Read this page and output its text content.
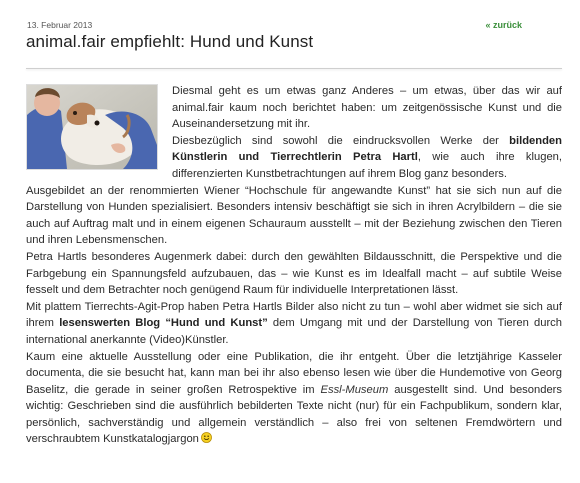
13. Februar 2013	« zurück
animal.fair empfiehlt: Hund und Kunst

Diesmal geht es um etwas ganz Anderes – um etwas, über das wir auf animal.fair kaum noch berichtet haben: um zeitgenössische Kunst und die Auseinandersetzung mit ihr.

Diesbezüglich sind sowohl die eindrucksvollen Werke der bildenden Künstlerin und Tierrechtlerin Petra Hartl, wie auch ihre klugen, differenzierten Kunstbetrachtungen auf ihrem Blog ganz besonders.

Ausgebildet an der renommierten Wiener “Hochschule für angewandte Kunst” hat sie sich nun auf die Darstellung von Hunden spezialisiert. Besonders intensiv beschäftigt sie sich in ihren Acrylbildern – die sie auch auf Auftrag malt und in einem eigenen Schauraum ausstellt – mit der Beziehung zwischen den Tieren und ihren Lebensmenschen.

Petra Hartls besonderes Augenmerk dabei: durch den gewählten Bildausschnitt, die Perspektive und die Farbgebung ein Spannungsfeld aufzubauen, das – wie Kunst es im Idealfall macht – auf subtile Weise fesselt und dem Betrachter noch genügend Raum für individuelle Interpretationen lässt.

Mit plattem Tierrechts-Agit-Prop haben Petra Hartls Bilder also nicht zu tun – wohl aber widmet sie sich auf ihrem lesenswerten Blog “Hund und Kunst” dem Umgang mit und der Darstellung von Tieren durch international anerkannte (Video)Künstler.

Kaum eine aktuelle Ausstellung oder eine Publikation, die ihr entgeht. Über die letztjährige Kasseler documenta, die sie besucht hat, kann man bei ihr also ebenso lesen wie über die Hundemotive von Georg Baselitz, die gerade in seiner großen Retrospektive im Essl-Museum ausgestellt sind. Und besonders wichtig: Geschrieben sind die ausführlich bebilderten Texte nicht (nur) für ein Fachpublikum, sondern klar, persönlich, sachverständig und allgemein verständlich – also frei von seltenen Fremdwörtern und verschraubtem Kunstkatalogjargon
